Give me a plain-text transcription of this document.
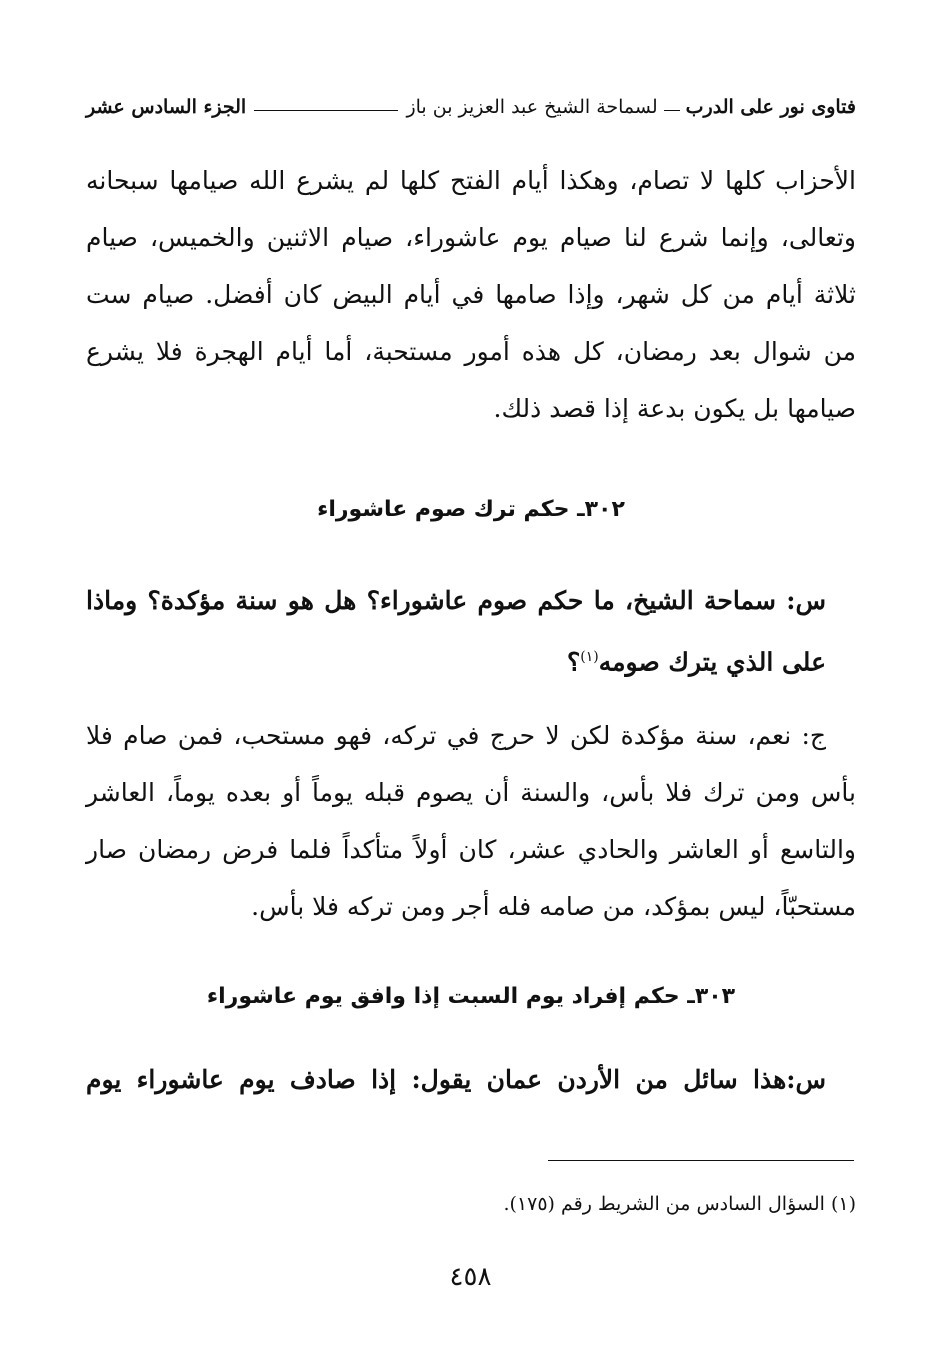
فتاوى نور على الدرب
لسماحة الشيخ عبد العزيز بن باز
الجزء السادس عشر
الأحزاب كلها لا تصام، وهكذا أيام الفتح كلها لم يشرع الله صيامها سبحانه
وتعالى، وإنما شرع لنا صيام يوم عاشوراء، صيام الاثنين والخميس، صيام
ثلاثة أيام من كل شهر، وإذا صامها في أيام البيض كان أفضل. صيام ست
من شوال بعد رمضان، كل هذه أمور مستحبة، أما أيام الهجرة فلا يشرع
صيامها بل يكون بدعة إذا قصد ذلك.
٣٠٢ـ حكم ترك صوم عاشوراء
س: سماحة الشيخ، ما حكم صوم عاشوراء؟ هل هو سنة مؤكدة؟ وماذا
على الذي يترك صومه$^{(١)}$؟
ج: نعم، سنة مؤكدة لكن لا حرج في تركه، فهو مستحب، فمن صام فلا
بأس ومن ترك فلا بأس، والسنة أن يصوم قبله يوماً أو بعده يوماً، العاشر
والتاسع أو العاشر والحادي عشر، كان أولاً متأكداً فلما فرض رمضان صار
مستحبّاً، ليس بمؤكد، من صامه فله أجر ومن تركه فلا بأس.
٣٠٣ـ حكم إفراد يوم السبت إذا وافق يوم عاشوراء
س:هذا سائل من الأردن عمان يقول: إذا صادف يوم عاشوراء يوم
(١) السؤال السادس من الشريط رقم (١٧٥).
٤٥٨
